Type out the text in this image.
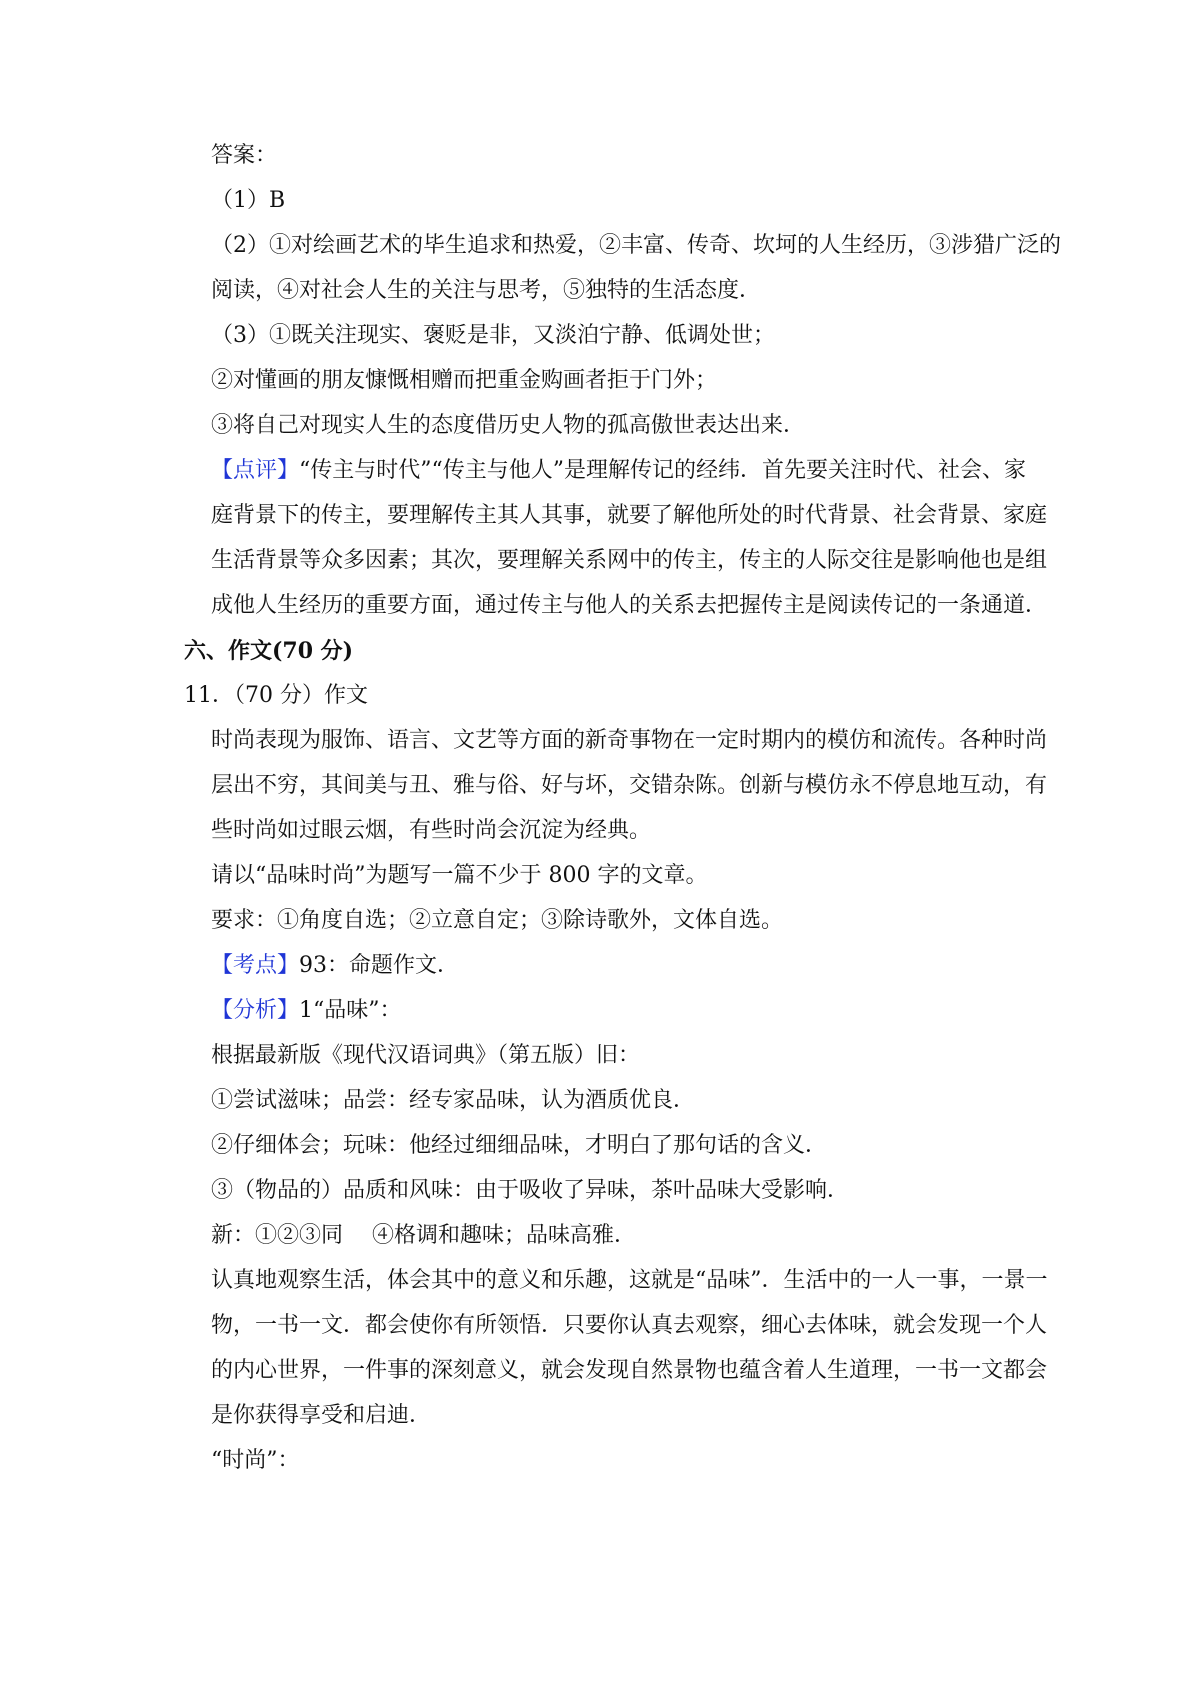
答案：
（1）B
（2）①对绘画艺术的毕生追求和热爱，②丰富、传奇、坎坷的人生经历，③涉猎广泛的
阅读，④对社会人生的关注与思考，⑤独特的生活态度．
（3）①既关注现实、褒贬是非，又淡泊宁静、低调处世；
②对懂画的朋友慷慨相赠而把重金购画者拒于门外；
③将自己对现实人生的态度借历史人物的孤高傲世表达出来．
【点评】“传主与时代”“传主与他人”是理解传记的经纬．首先要关注时代、社会、家
庭背景下的传主，要理解传主其人其事，就要了解他所处的时代背景、社会背景、家庭
生活背景等众多因素；其次，要理解关系网中的传主，传主的人际交往是影响他也是组
成他人生经历的重要方面，通过传主与他人的关系去把握传主是阅读传记的一条通道．
六、作文(70 分)
11．（70 分）作文
时尚表现为服饰、语言、文艺等方面的新奇事物在一定时期内的模仿和流传。各种时尚
层出不穷，其间美与丑、雅与俗、好与坏，交错杂陈。创新与模仿永不停息地互动，有
些时尚如过眼云烟，有些时尚会沉淀为经典。
请以“品味时尚”为题写一篇不少于 800 字的文章。
要求：①角度自选；②立意自定；③除诗歌外，文体自选。
【考点】93：命题作文．
【分析】1“品味”：
根据最新版《现代汉语词典》（第五版）旧：
①尝试滋味；品尝：经专家品味，认为酒质优良．
②仔细体会；玩味：他经过细细品味，才明白了那句话的含义．
③（物品的）品质和风味：由于吸收了异味，茶叶品味大受影响．
新：①②③同　 ④格调和趣味；品味高雅．
认真地观察生活，体会其中的意义和乐趣，这就是“品味”．生活中的一人一事，一景一
物，一书一文．都会使你有所领悟．只要你认真去观察，细心去体味，就会发现一个人
的内心世界，一件事的深刻意义，就会发现自然景物也蕴含着人生道理，一书一文都会
是你获得享受和启迪．
“时尚”：
